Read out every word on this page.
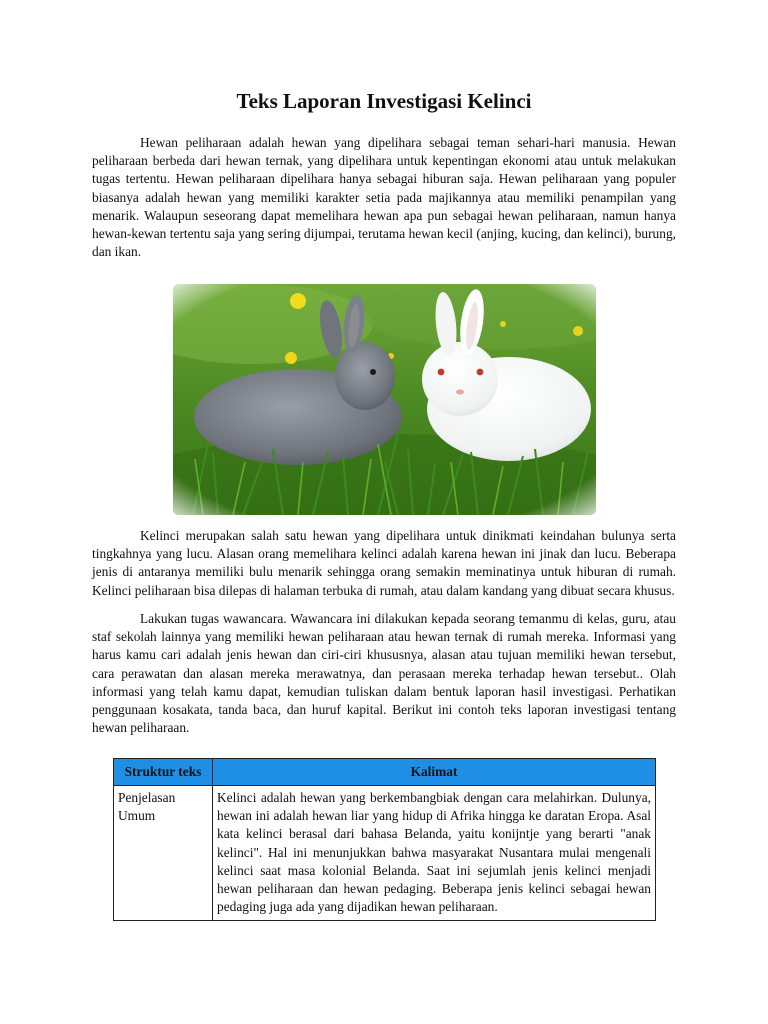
Teks Laporan Investigasi Kelinci

Hewan peliharaan adalah hewan yang dipelihara sebagai teman sehari-hari manusia. Hewan peliharaan berbeda dari hewan ternak, yang dipelihara untuk kepentingan ekonomi atau untuk melakukan tugas tertentu. Hewan peliharaan dipelihara hanya sebagai hiburan saja. Hewan peliharaan yang populer biasanya adalah hewan yang memiliki karakter setia pada majikannya atau memiliki penampilan yang menarik. Walaupun seseorang dapat memelihara hewan apa pun sebagai hewan peliharaan, namun hanya hewan-kewan tertentu saja yang sering dijumpai, terutama hewan kecil (anjing, kucing, dan kelinci), burung, dan ikan.

Kelinci merupakan salah satu hewan yang dipelihara untuk dinikmati keindahan bulunya serta tingkahnya yang lucu. Alasan orang memelihara kelinci adalah karena hewan ini jinak dan lucu. Beberapa jenis di antaranya memiliki bulu menarik sehingga orang semakin meminatinya untuk hiburan di rumah. Kelinci peliharaan bisa dilepas di halaman terbuka di rumah, atau dalam kandang yang dibuat secara khusus.

Lakukan tugas wawancara. Wawancara ini dilakukan kepada seorang temanmu di kelas, guru, atau staf sekolah lainnya yang memiliki hewan peliharaan atau hewan ternak di rumah mereka. Informasi yang harus kamu cari adalah jenis hewan dan ciri-ciri khususnya, alasan atau tujuan memiliki hewan tersebut, cara perawatan dan alasan mereka merawatnya, dan perasaan mereka terhadap hewan tersebut.. Olah informasi yang telah kamu dapat, kemudian tuliskan dalam bentuk laporan hasil investigasi. Perhatikan penggunaan kosakata, tanda baca, dan huruf kapital. Berikut ini contoh teks laporan investigasi tentang hewan peliharaan.

Struktur teks	Kalimat
Penjelasan Umum	Kelinci adalah hewan yang berkembangbiak dengan cara melahirkan. Dulunya, hewan ini adalah hewan liar yang hidup di Afrika hingga ke daratan Eropa. Asal kata kelinci berasal dari bahasa Belanda, yaitu konijntje yang berarti "anak kelinci". Hal ini menunjukkan bahwa masyarakat Nusantara mulai mengenali kelinci saat masa kolonial Belanda. Saat ini sejumlah jenis kelinci menjadi hewan peliharaan dan hewan pedaging. Beberapa jenis kelinci sebagai hewan pedaging juga ada yang dijadikan hewan peliharaan.
